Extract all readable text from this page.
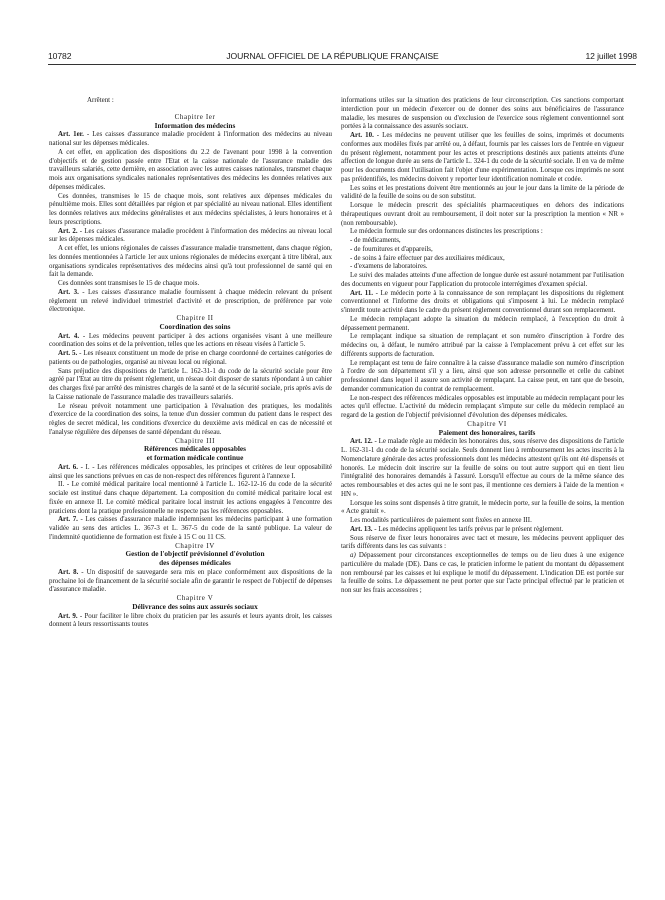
10782	JOURNAL OFFICIEL DE LA RÉPUBLIQUE FRANÇAISE	12 juillet 1998

Arrêtent :

Chapitre Ier

Information des médecins

Art. 1er. - Les caisses d'assurance maladie procèdent à l'information des médecins au niveau national sur les dépenses médicales.

A cet effet, en application des dispositions du 2.2 de l'avenant pour 1998 à la convention d'objectifs et de gestion passée entre l'Etat et la caisse nationale de l'assurance maladie des travailleurs salariés, cette dernière, en association avec les autres caisses nationales, transmet chaque mois aux organisations syndicales nationales représentatives des médecins les données relatives aux dépenses médicales.

Ces données, transmises le 15 de chaque mois, sont relatives aux dépenses médicales du pénultième mois. Elles sont détaillées par région et par spécialité au niveau national. Elles identifient les données relatives aux médecins généralistes et aux médecins spécialistes, à leurs honoraires et à leurs prescriptions.

Art. 2. - Les caisses d'assurance maladie procèdent à l'information des médecins au niveau local sur les dépenses médicales.

A cet effet, les unions régionales de caisses d'assurance maladie transmettent, dans chaque région, les données mentionnées à l'article 1er aux unions régionales de médecins exerçant à titre libéral, aux organisations syndicales représentatives des médecins ainsi qu'à tout professionnel de santé qui en fait la demande.

Ces données sont transmises le 15 de chaque mois.

Art. 3. - Les caisses d'assurance maladie fournissent à chaque médecin relevant du présent règlement un relevé individuel trimestriel d'activité et de prescription, de préférence par voie électronique.

Chapitre II

Coordination des soins

Art. 4. - Les médecins peuvent participer à des actions organisées visant à une meilleure coordination des soins et de la prévention, telles que les actions en réseau visées à l'article 5.

Art. 5. - Les réseaux constituent un mode de prise en charge coordonné de certaines catégories de patients ou de pathologies, organisé au niveau local ou régional.

Sans préjudice des dispositions de l'article L. 162-31-1 du code de la sécurité sociale pour être agréé par l'Etat au titre du présent règlement, un réseau doit disposer de statuts répondant à un cahier des charges fixé par arrêté des ministres chargés de la santé et de la sécurité sociale, pris après avis de la Caisse nationale de l'assurance maladie des travailleurs salariés.

Le réseau prévoit notamment une participation à l'évaluation des pratiques, les modalités d'exercice de la coordination des soins, la tenue d'un dossier commun du patient dans le respect des règles de secret médical, les conditions d'exercice du deuxième avis médical en cas de nécessité et l'analyse régulière des dépenses de santé dépendant du réseau.

Chapitre III

Références médicales opposables

et formation médicale continue

Art. 6. - I. - Les références médicales opposables, les principes et critères de leur opposabilité ainsi que les sanctions prévues en cas de non-respect des références figurent à l'annexe I.

II. - Le comité médical paritaire local mentionné à l'article L. 162-12-16 du code de la sécurité sociale est institué dans chaque département. La composition du comité médical paritaire local est fixée en annexe II. Le comité médical paritaire local instruit les actions engagées à l'encontre des praticiens dont la pratique professionnelle ne respecte pas les références opposables.

Art. 7. - Les caisses d'assurance maladie indemnisent les médecins participant à une formation validée au sens des articles L. 367-3 et L. 367-5 du code de la santé publique. La valeur de l'indemnité quotidienne de formation est fixée à 15 C ou 11 CS.

Chapitre IV

Gestion de l'objectif prévisionnel d'évolution

des dépenses médicales

Art. 8. - Un dispositif de sauvegarde sera mis en place conformément aux dispositions de la prochaine loi de financement de la sécurité sociale afin de garantir le respect de l'objectif de dépenses d'assurance maladie.

Chapitre V

Délivrance des soins aux assurés sociaux

Art. 9. - Pour faciliter le libre choix du praticien par les assurés et leurs ayants droit, les caisses donnent à leurs ressortissants toutes

informations utiles sur la situation des praticiens de leur circonscription. Ces sanctions comportant interdiction pour un médecin d'exercer ou de donner des soins aux bénéficiaires de l'assurance maladie, les mesures de suspension ou d'exclusion de l'exercice sous règlement conventionnel sont portées à la connaissance des assurés sociaux.

Art. 10. - Les médecins ne peuvent utiliser que les feuilles de soins, imprimés et documents conformes aux modèles fixés par arrêté ou, à défaut, fournis par les caisses lors de l'entrée en vigueur du présent règlement, notamment pour les actes et prescriptions destinés aux patients atteints d'une affection de longue durée au sens de l'article L. 324-1 du code de la sécurité sociale. Il en va de même pour les documents dont l'utilisation fait l'objet d'une expérimentation. Lorsque ces imprimés ne sont pas préidentifiés, les médecins doivent y reporter leur identification nominale et codée.

Les soins et les prestations doivent être mentionnés au jour le jour dans la limite de la période de validité de la feuille de soins ou de son substitut.

Lorsque le médecin prescrit des spécialités pharmaceutiques en dehors des indications thérapeutiques ouvrant droit au remboursement, il doit noter sur la prescription la mention « NR » (non remboursable).

Le médecin formule sur des ordonnances distinctes les prescriptions :

- de médicaments,

- de fournitures et d'appareils,

- de soins à faire effectuer par des auxiliaires médicaux,

- d'examens de laboratoires.

Le suivi des malades atteints d'une affection de longue durée est assuré notamment par l'utilisation des documents en vigueur pour l'application du protocole interrégimes d'examen spécial.

Art. 11. - Le médecin porte à la connaissance de son remplaçant les dispositions du règlement conventionnel et l'informe des droits et obligations qui s'imposent à lui. Le médecin remplacé s'interdit toute activité dans le cadre du présent règlement conventionnel durant son remplacement.

Le médecin remplaçant adopte la situation du médecin remplacé, à l'exception du droit à dépassement permanent.

Le remplaçant indique sa situation de remplaçant et son numéro d'inscription à l'ordre des médecins ou, à défaut, le numéro attribué par la caisse à l'emplacement prévu à cet effet sur les différents supports de facturation.

Le remplaçant est tenu de faire connaître à la caisse d'assurance maladie son numéro d'inscription à l'ordre de son département s'il y a lieu, ainsi que son adresse personnelle et celle du cabinet professionnel dans lequel il assure son activité de remplaçant. La caisse peut, en tant que de besoin, demander communication du contrat de remplacement.

Le non-respect des références médicales opposables est imputable au médecin remplaçant pour les actes qu'il effectue. L'activité du médecin remplaçant s'impute sur celle du médecin remplacé au regard de la gestion de l'objectif prévisionnel d'évolution des dépenses médicales.

Chapitre VI

Paiement des honoraires, tarifs

Art. 12. - Le malade règle au médecin les honoraires dus, sous réserve des dispositions de l'article L. 162-31-1 du code de la sécurité sociale. Seuls donnent lieu à remboursement les actes inscrits à la Nomenclature générale des actes professionnels dont les médecins attestent qu'ils ont été dispensés et honorés. Le médecin doit inscrire sur la feuille de soins ou tout autre support qui en tient lieu l'intégralité des honoraires demandés à l'assuré. Lorsqu'il effectue au cours de la même séance des actes remboursables et des actes qui ne le sont pas, il mentionne ces derniers à l'aide de la mention « HN ».

Lorsque les soins sont dispensés à titre gratuit, le médecin porte, sur la feuille de soins, la mention « Acte gratuit ».

Les modalités particulières de paiement sont fixées en annexe III.

Art. 13. - Les médecins appliquent les tarifs prévus par le présent règlement.

Sous réserve de fixer leurs honoraires avec tact et mesure, les médecins peuvent appliquer des tarifs différents dans les cas suivants :

a) Dépassement pour circonstances exceptionnelles de temps ou de lieu dues à une exigence particulière du malade (DE). Dans ce cas, le praticien informe le patient du montant du dépassement non remboursé par les caisses et lui explique le motif du dépassement. L'indication DE est portée sur la feuille de soins. Le dépassement ne peut porter que sur l'acte principal effectué par le praticien et non sur les frais accessoires ;
